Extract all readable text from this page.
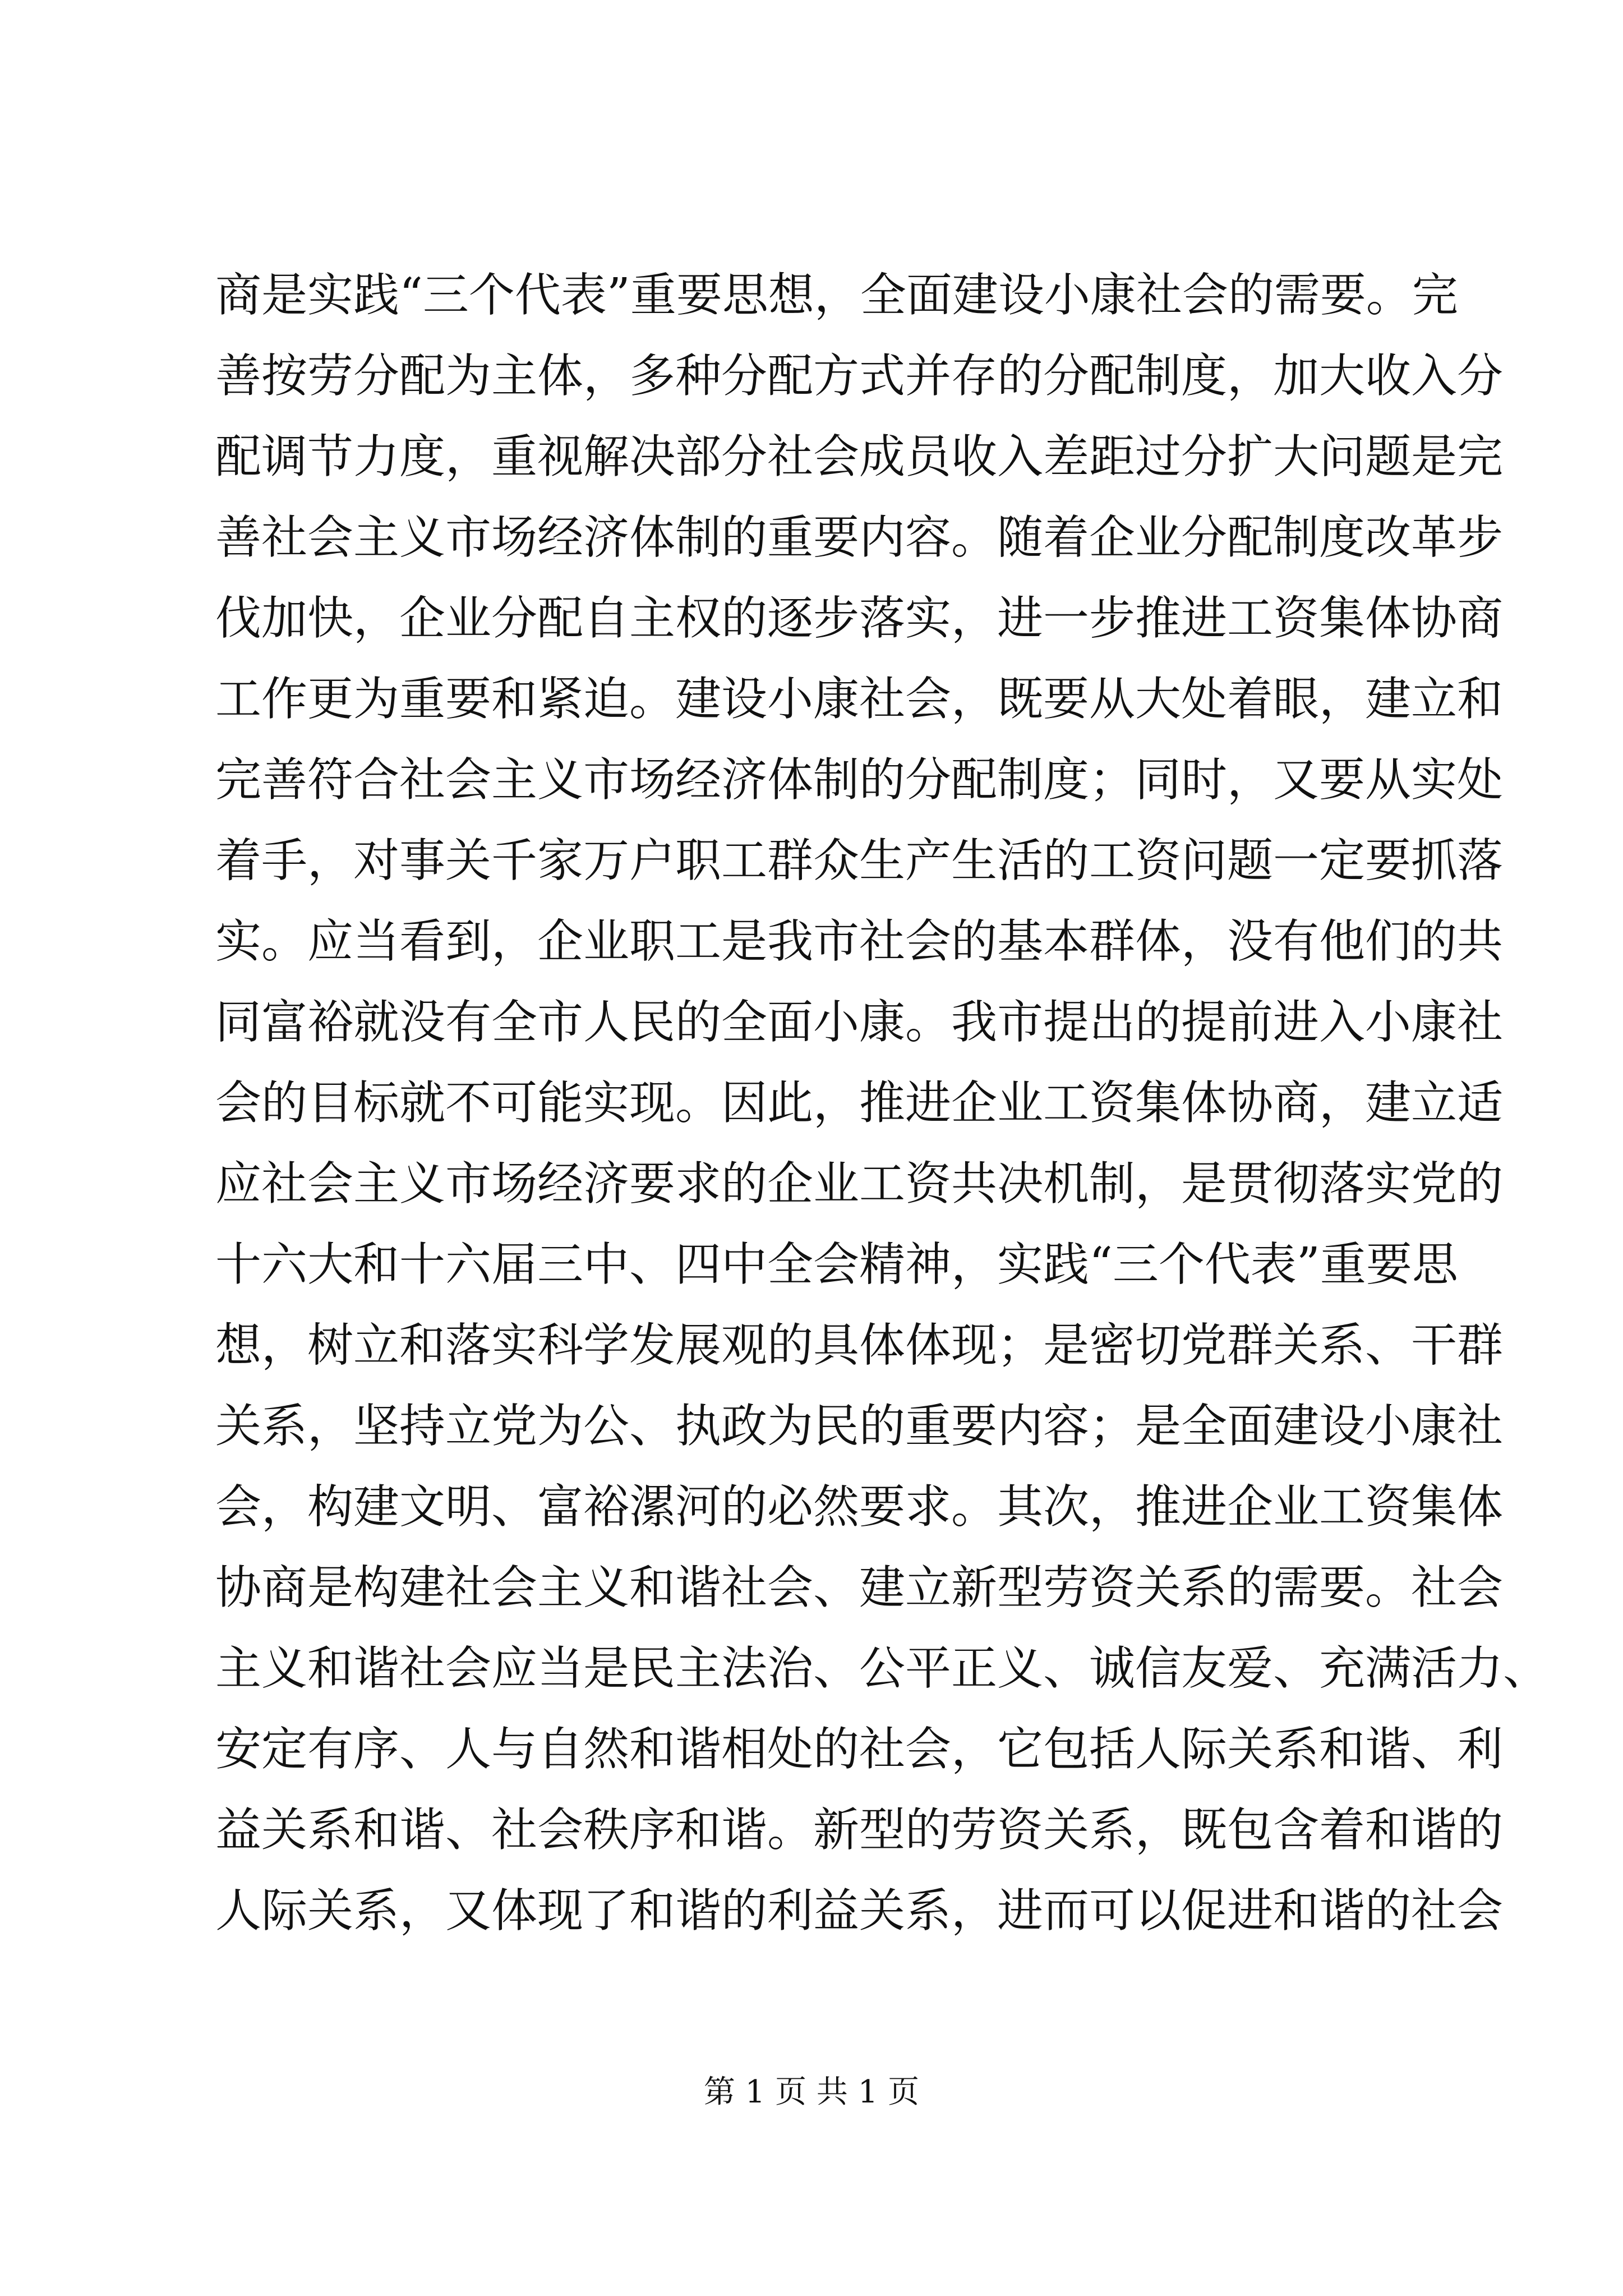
商是实践“三个代表”重要思想，全面建设小康社会的需要。完
善按劳分配为主体，多种分配方式并存的分配制度，加大收入分
配调节力度，重视解决部分社会成员收入差距过分扩大问题是完
善社会主义市场经济体制的重要内容。随着企业分配制度改革步
伐加快，企业分配自主权的逐步落实，进一步推进工资集体协商
工作更为重要和紧迫。建设小康社会，既要从大处着眼，建立和
完善符合社会主义市场经济体制的分配制度；同时，又要从实处
着手，对事关千家万户职工群众生产生活的工资问题一定要抓落
实。应当看到，企业职工是我市社会的基本群体，没有他们的共
同富裕就没有全市人民的全面小康。我市提出的提前进入小康社
会的目标就不可能实现。因此，推进企业工资集体协商，建立适
应社会主义市场经济要求的企业工资共决机制，是贯彻落实党的
十六大和十六届三中、四中全会精神，实践“三个代表”重要思
想，树立和落实科学发展观的具体体现；是密切党群关系、干群
关系，坚持立党为公、执政为民的重要内容；是全面建设小康社
会，构建文明、富裕漯河的必然要求。其次，推进企业工资集体
协商是构建社会主义和谐社会、建立新型劳资关系的需要。社会
主义和谐社会应当是民主法治、公平正义、诚信友爱、充满活力、
安定有序、人与自然和谐相处的社会，它包括人际关系和谐、利
益关系和谐、社会秩序和谐。新型的劳资关系，既包含着和谐的
人际关系，又体现了和谐的利益关系，进而可以促进和谐的社会
第 1 页 共 1 页
